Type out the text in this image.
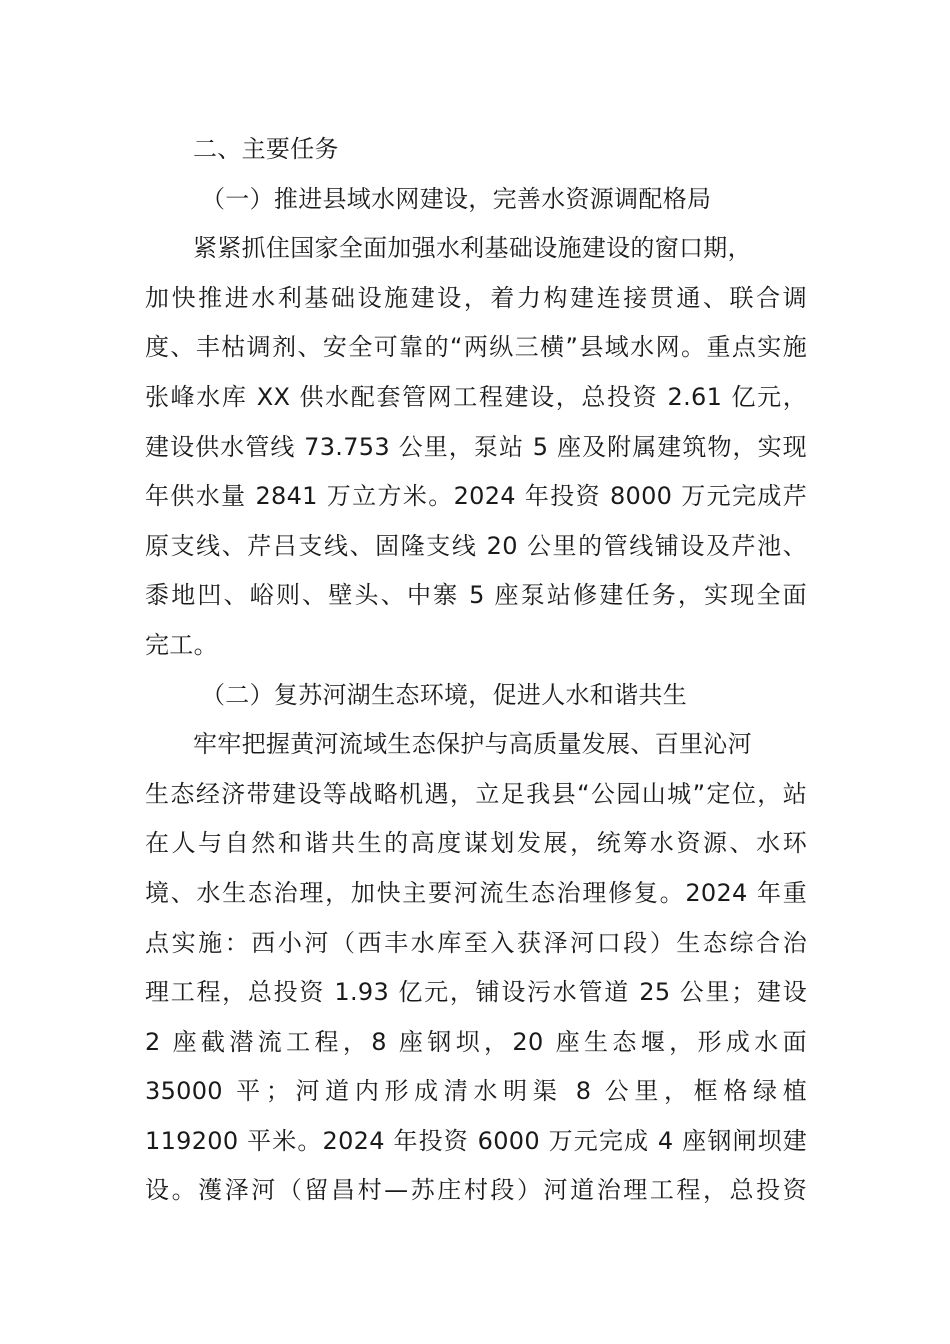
二、主要任务
（一）推进县域水网建设，完善水资源调配格局
紧紧抓住国家全面加强水利基础设施建设的窗口期，
加快推进水利基础设施建设，着力构建连接贯通、联合调
度、丰枯调剂、安全可靠的“两纵三横”县域水网。重点实施
张峰水库 XX 供水配套管网工程建设，总投资 2.61 亿元，
建设供水管线 73.753 公里，泵站 5 座及附属建筑物，实现
年供水量 2841 万立方米。2024 年投资 8000 万元完成芹
原支线、芹吕支线、固隆支线 20 公里的管线铺设及芹池、
黍地凹、峪则、壁头、中寨 5 座泵站修建任务，实现全面
完工。
（二）复苏河湖生态环境，促进人水和谐共生
牢牢把握黄河流域生态保护与高质量发展、百里沁河
生态经济带建设等战略机遇，立足我县“公园山城”定位，站
在人与自然和谐共生的高度谋划发展，统筹水资源、水环
境、水生态治理，加快主要河流生态治理修复。2024 年重
点实施：西小河（西丰水库至入获泽河口段）生态综合治
理工程，总投资 1.93 亿元，铺设污水管道 25 公里；建设
2 座截潜流工程，8 座钢坝，20 座生态堰，形成水面
35000 平；河道内形成清水明渠 8 公里，框格绿植
119200 平米。2024 年投资 6000 万元完成 4 座钢闸坝建
设。濩泽河（留昌村—苏庄村段）河道治理工程，总投资
